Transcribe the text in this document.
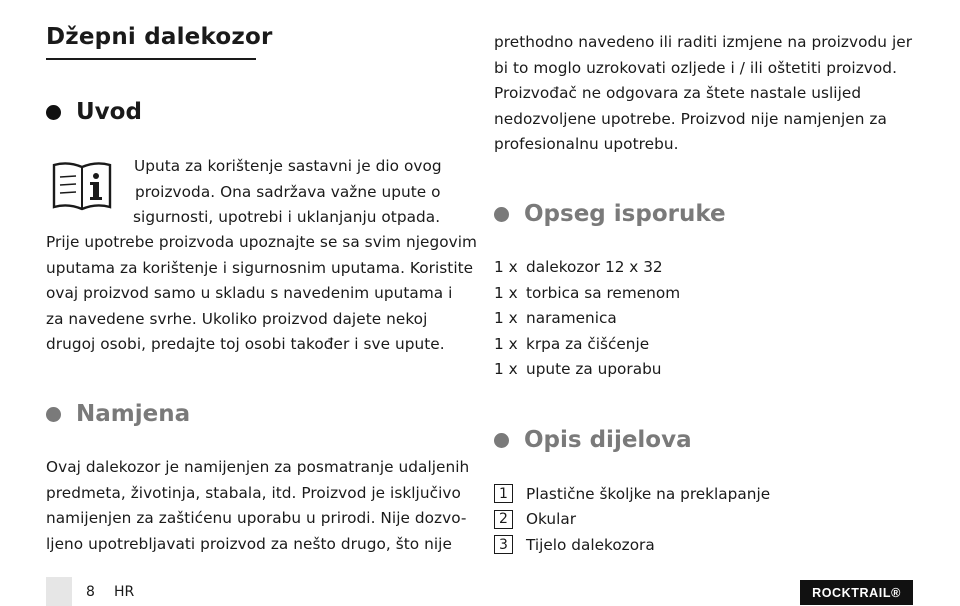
Džepni dalekozor
Uvod
Uputa za korištenje sastavni je dio ovog
proizvoda. Ona sadržava važne upute o
sigurnosti, upotrebi i uklanjanju otpada.
Prije upotrebe proizvoda upoznajte se sa svim njegovim
uputama za korištenje i sigurnosnim uputama. Koristite
ovaj proizvod samo u skladu s navedenim uputama i
za navedene svrhe. Ukoliko proizvod dajete nekoj
drugoj osobi, predajte toj osobi također i sve upute.
Namjena
Ovaj dalekozor je namijenjen za posmatranje udaljenih
predmeta, životinja, stabala, itd. Proizvod je isključivo
namijenjen za zaštićenu uporabu u prirodi. Nije dozvo-
ljeno upotrebljavati proizvod za nešto drugo, što nije
prethodno navedeno ili raditi izmjene na proizvodu jer
bi to moglo uzrokovati ozljede i / ili oštetiti proizvod.
Proizvođač ne odgovara za štete nastale uslijed
nedozvoljene upotrebe. Proizvod nije namjenjen za
profesionalnu upotrebu.
Opseg isporuke
1 x dalekozor 12 x 32
1 x torbica sa remenom
1 x naramenica
1 x krpa za čišćenje
1 x upute za uporabu
Opis dijelova
1	Plastične školjke na preklapanje
2	Okular
3	Tijelo dalekozora
8 HR	ROCKTRAIL®
